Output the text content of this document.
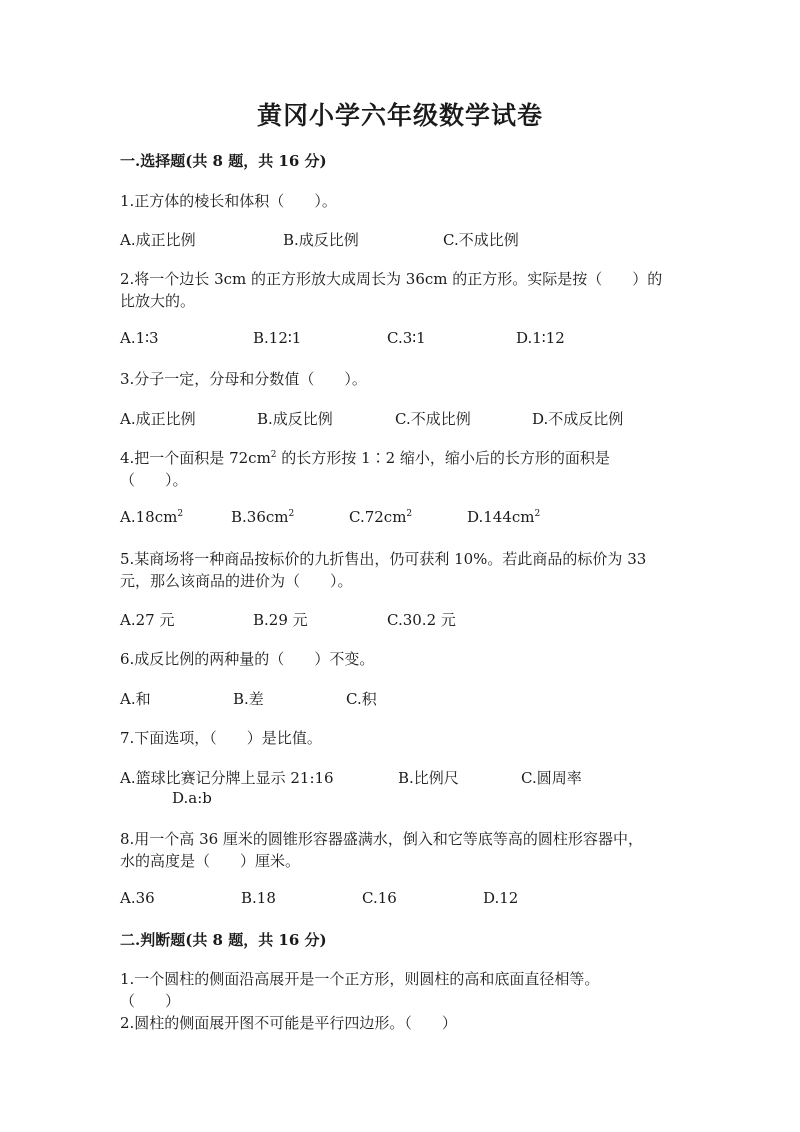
黄冈小学六年级数学试卷
一.选择题(共 8 题，共 16 分)
1.正方体的棱长和体积（　　）。
A.成正比例	B.成反比例	C.不成比例
2.将一个边长 3cm 的正方形放大成周长为 36cm 的正方形。实际是按（　　）的
比放大的。
A.1∶3	B.12∶1	C.3∶1	D.1∶12
3.分子一定，分母和分数值（　　）。
A.成正比例	B.成反比例	C.不成比例	D.不成反比例
4.把一个面积是 $72cm^2$ 的长方形按 1∶2 缩小，缩小后的长方形的面积是
（　　）。
$A.18cm^2$	$B.36cm^2$	$C.72cm^2$	$D.144cm^2$
5.某商场将一种商品按标价的九折售出，仍可获利 10%。若此商品的标价为 33
元，那么该商品的进价为（　　）。
A.27 元	B.29 元	C.30.2 元
6.成反比例的两种量的（　　）不变。
A.和	B.差	C.积
7.下面选项，（　　）是比值。
A.篮球比赛记分牌上显示 21:16	B.比例尺	C.圆周率
D.a:b
8.用一个高 36 厘米的圆锥形容器盛满水，倒入和它等底等高的圆柱形容器中，
水的高度是（　　）厘米。
A.36	B.18	C.16	D.12
二.判断题(共 8 题，共 16 分)
1.一个圆柱的侧面沿高展开是一个正方形，则圆柱的高和底面直径相等。
（　　）
2.圆柱的侧面展开图不可能是平行四边形。（　　）
